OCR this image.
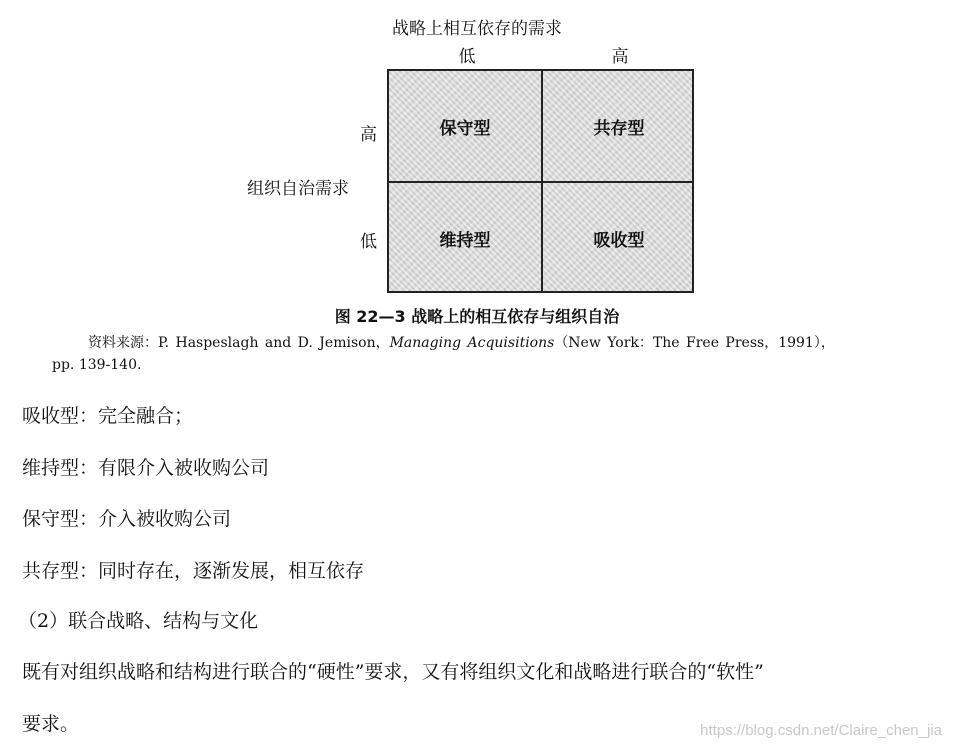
战略上相互依存的需求
低	高
高
组织自治需求
低
保守型	共存型
维持型	吸收型
图 22—3 战略上的相互依存与组织自治
资料来源：P. Haspeslagh and D. Jemison，Managing Acquisitions（New York：The Free Press，1991），
pp. 139-140.
吸收型：完全融合；
维持型：有限介入被收购公司
保守型：介入被收购公司
共存型：同时存在，逐渐发展，相互依存
（2）联合战略、结构与文化
既有对组织战略和结构进行联合的“硬性”要求，又有将组织文化和战略进行联合的“软性”
要求。	https://blog.csdn.net/Claire_chen_jia
